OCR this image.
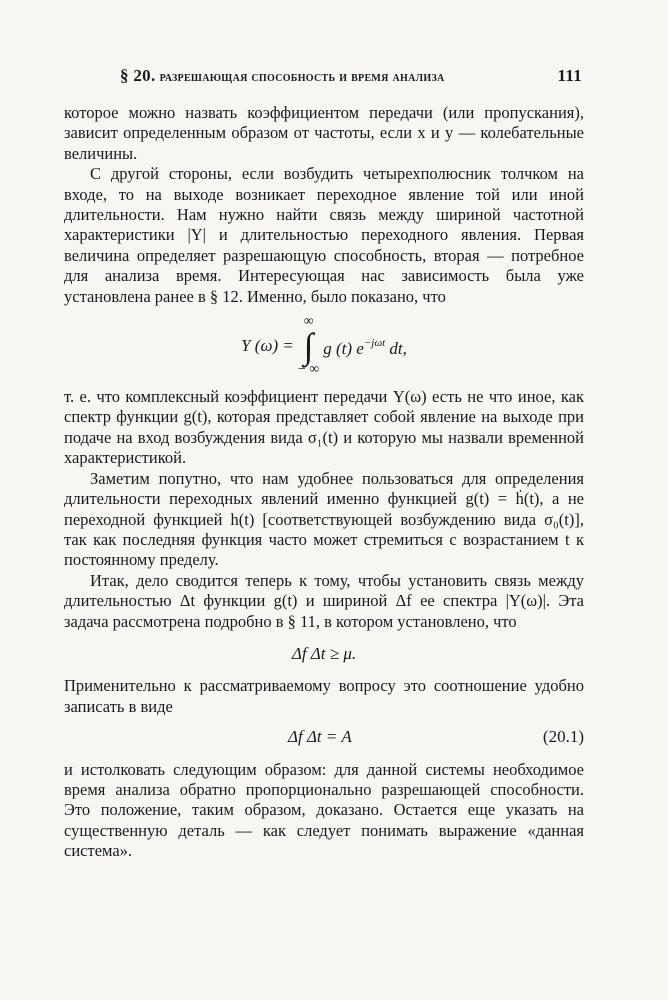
§ 20. разрешающая способность и время анализа	111

которое можно назвать коэффициентом передачи (или пропускания), зависит определенным образом от частоты, если x и y — колебательные величины.

С другой стороны, если возбудить четырехполюсник толчком на входе, то на выходе возникает переходное явление той или иной длительности. Нам нужно найти связь между шириной частотной характеристики |Y| и длительностью переходного явления. Первая величина определяет разрешающую способность, вторая — потребное для анализа время. Интересующая нас зависимость была уже установлена ранее в § 12. Именно, было показано, что

Y (ω) =
∞
∫
− ∞
g (t) $e^{-j\omega t}$ dt,

т. е. что комплексный коэффициент передачи Y(ω) есть не что иное, как спектр функции g(t), которая представляет собой явление на выходе при подаче на вход возбуждения вида σ₁(t) и которую мы назвали временной характеристикой.

Заметим попутно, что нам удобнее пользоваться для определения длительности переходных явлений именно функцией g(t) = ḣ(t), а не переходной функцией h(t) [соответствующей возбуждению вида σ₀(t)], так как последняя функция часто может стремиться с возрастанием t к постоянному пределу.

Итак, дело сводится теперь к тому, чтобы установить связь между длительностью Δt функции g(t) и шириной Δf ее спектра |Y(ω)|. Эта задача рассмотрена подробно в § 11, в котором установлено, что

Δf Δt ≥ μ.

Применительно к рассматриваемому вопросу это соотношение удобно записать в виде

Δf Δt = A	(20.1)

и истолковать следующим образом: для данной системы необходимое время анализа обратно пропорционально разрешающей способности. Это положение, таким образом, доказано. Остается еще указать на существенную деталь — как следует понимать выражение «данная система».
